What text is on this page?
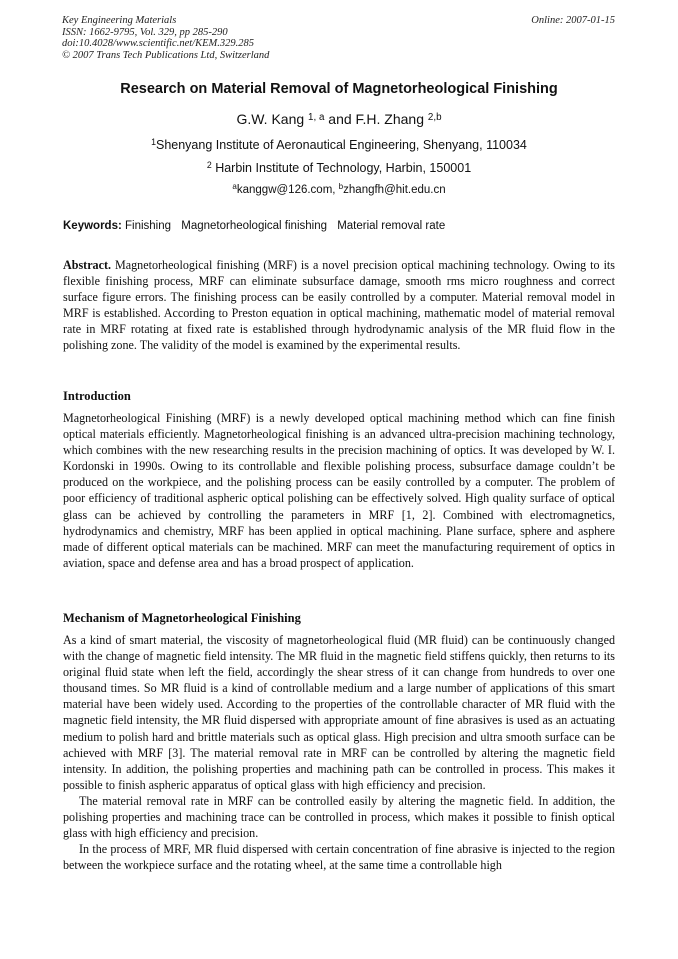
Key Engineering Materials
ISSN: 1662-9795, Vol. 329, pp 285-290
doi:10.4028/www.scientific.net/KEM.329.285
© 2007 Trans Tech Publications Ltd, Switzerland
Online: 2007-01-15
Research on Material Removal of Magnetorheological Finishing
G.W. Kang $^{1, a}$ and F.H. Zhang $^{2,b}$
$^1$Shenyang Institute of Aeronautical Engineering, Shenyang, 110034
$^2$ Harbin Institute of Technology, Harbin, 150001
$^a$kanggw@126.com, $^b$zhangfh@hit.edu.cn
Keywords: Finishing Magnetorheological finishing Material removal rate

Abstract. Magnetorheological finishing (MRF) is a novel precision optical machining technology. Owing to its flexible finishing process, MRF can eliminate subsurface damage, smooth rms micro roughness and correct surface figure errors. The finishing process can be easily controlled by a computer. Material removal model in MRF is established. According to Preston equation in optical machining, mathematic model of material removal rate in MRF rotating at fixed rate is established through hydrodynamic analysis of the MR fluid flow in the polishing zone. The validity of the model is examined by the experimental results.

Introduction

Magnetorheological Finishing (MRF) is a newly developed optical machining method which can fine finish optical materials efficiently. Magnetorheological finishing is an advanced ultra-precision machining technology, which combines with the new researching results in the precision machining of optics. It was developed by W. I. Kordonski in 1990s. Owing to its controllable and flexible polishing process, subsurface damage couldn’t be produced on the workpiece, and the polishing process can be easily controlled by a computer. The problem of poor efficiency of traditional aspheric optical polishing can be effectively solved. High quality surface of optical glass can be achieved by controlling the parameters in MRF [1, 2]. Combined with electromagnetics, hydrodynamics and chemistry, MRF has been applied in optical machining. Plane surface, sphere and asphere made of different optical materials can be machined. MRF can meet the manufacturing requirement of optics in aviation, space and defense area and has a broad prospect of application.

Mechanism of Magnetorheological Finishing

As a kind of smart material, the viscosity of magnetorheological fluid (MR fluid) can be continuously changed with the change of magnetic field intensity. The MR fluid in the magnetic field stiffens quickly, then returns to its original fluid state when left the field, accordingly the shear stress of it can change from hundreds to over one thousand times. So MR fluid is a kind of controllable medium and a large number of applications of this smart material have been widely used. According to the properties of the controllable character of MR fluid with the magnetic field intensity, the MR fluid dispersed with appropriate amount of fine abrasives is used as an actuating medium to polish hard and brittle materials such as optical glass. High precision and ultra smooth surface can be achieved with MRF [3]. The material removal rate in MRF can be controlled by altering the magnetic field intensity. In addition, the polishing properties and machining path can be controlled in process. This makes it possible to finish aspheric apparatus of optical glass with high efficiency and precision.

The material removal rate in MRF can be controlled easily by altering the magnetic field. In addition, the polishing properties and machining trace can be controlled in process, which makes it possible to finish optical glass with high efficiency and precision.

In the process of MRF, MR fluid dispersed with certain concentration of fine abrasive is injected to the region between the workpiece surface and the rotating wheel, at the same time a controllable high
